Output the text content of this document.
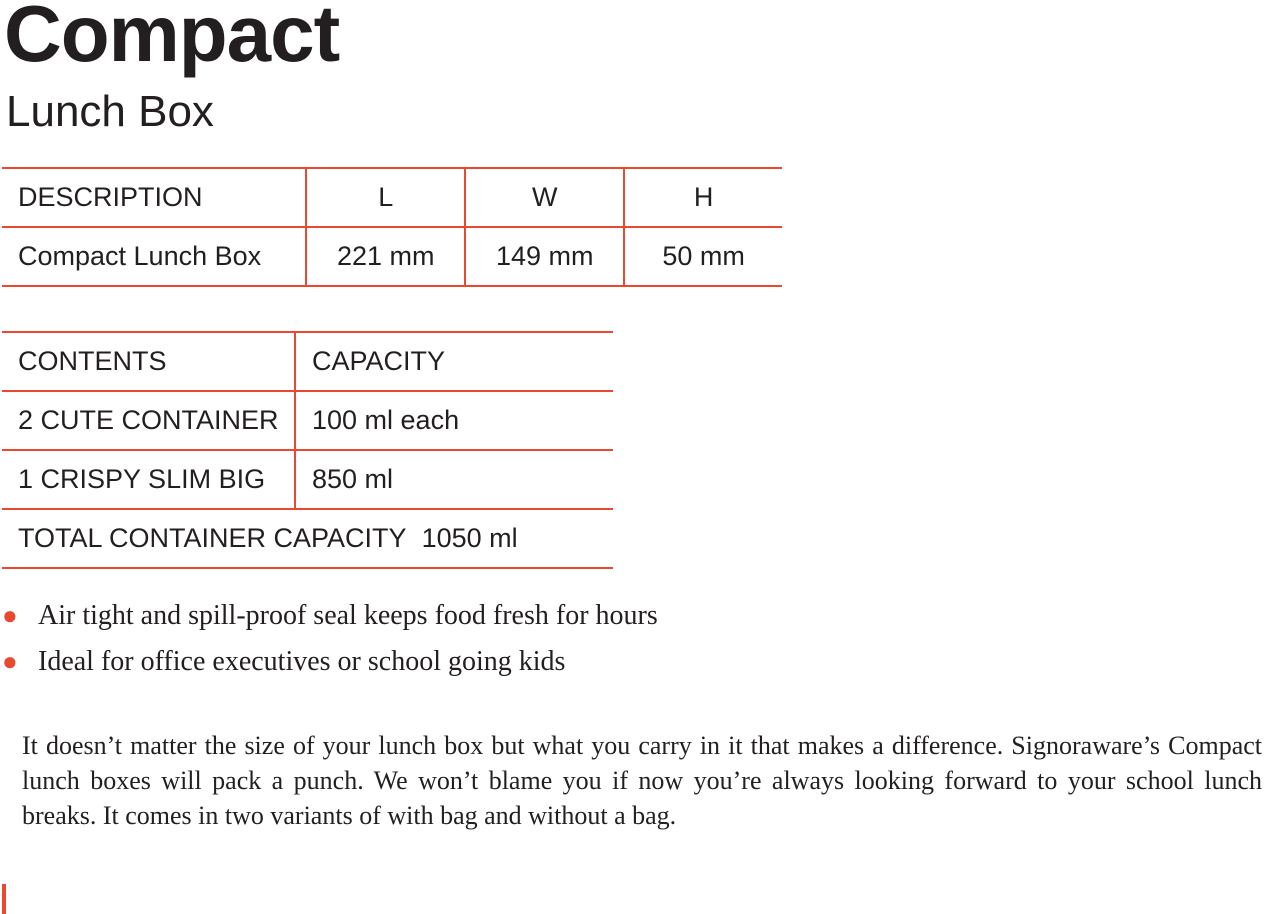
Compact
Lunch Box
DESCRIPTION	L	W	H
Compact Lunch Box	221 mm	149 mm	50 mm
CONTENTS	CAPACITY
2 CUTE CONTAINER	100 ml each
1 CRISPY SLIM BIG	850 ml
TOTAL CONTAINER CAPACITY 1050 ml	
● Air tight and spill-proof seal keeps food fresh for hours
● Ideal for office executives or school going kids

It doesn’t matter the size of your lunch box but what you carry in it that makes a difference. Signoraware’s Compact lunch boxes will pack a punch. We won’t blame you if now you’re always looking forward to your school lunch breaks. It comes in two variants of with bag and without a bag.
